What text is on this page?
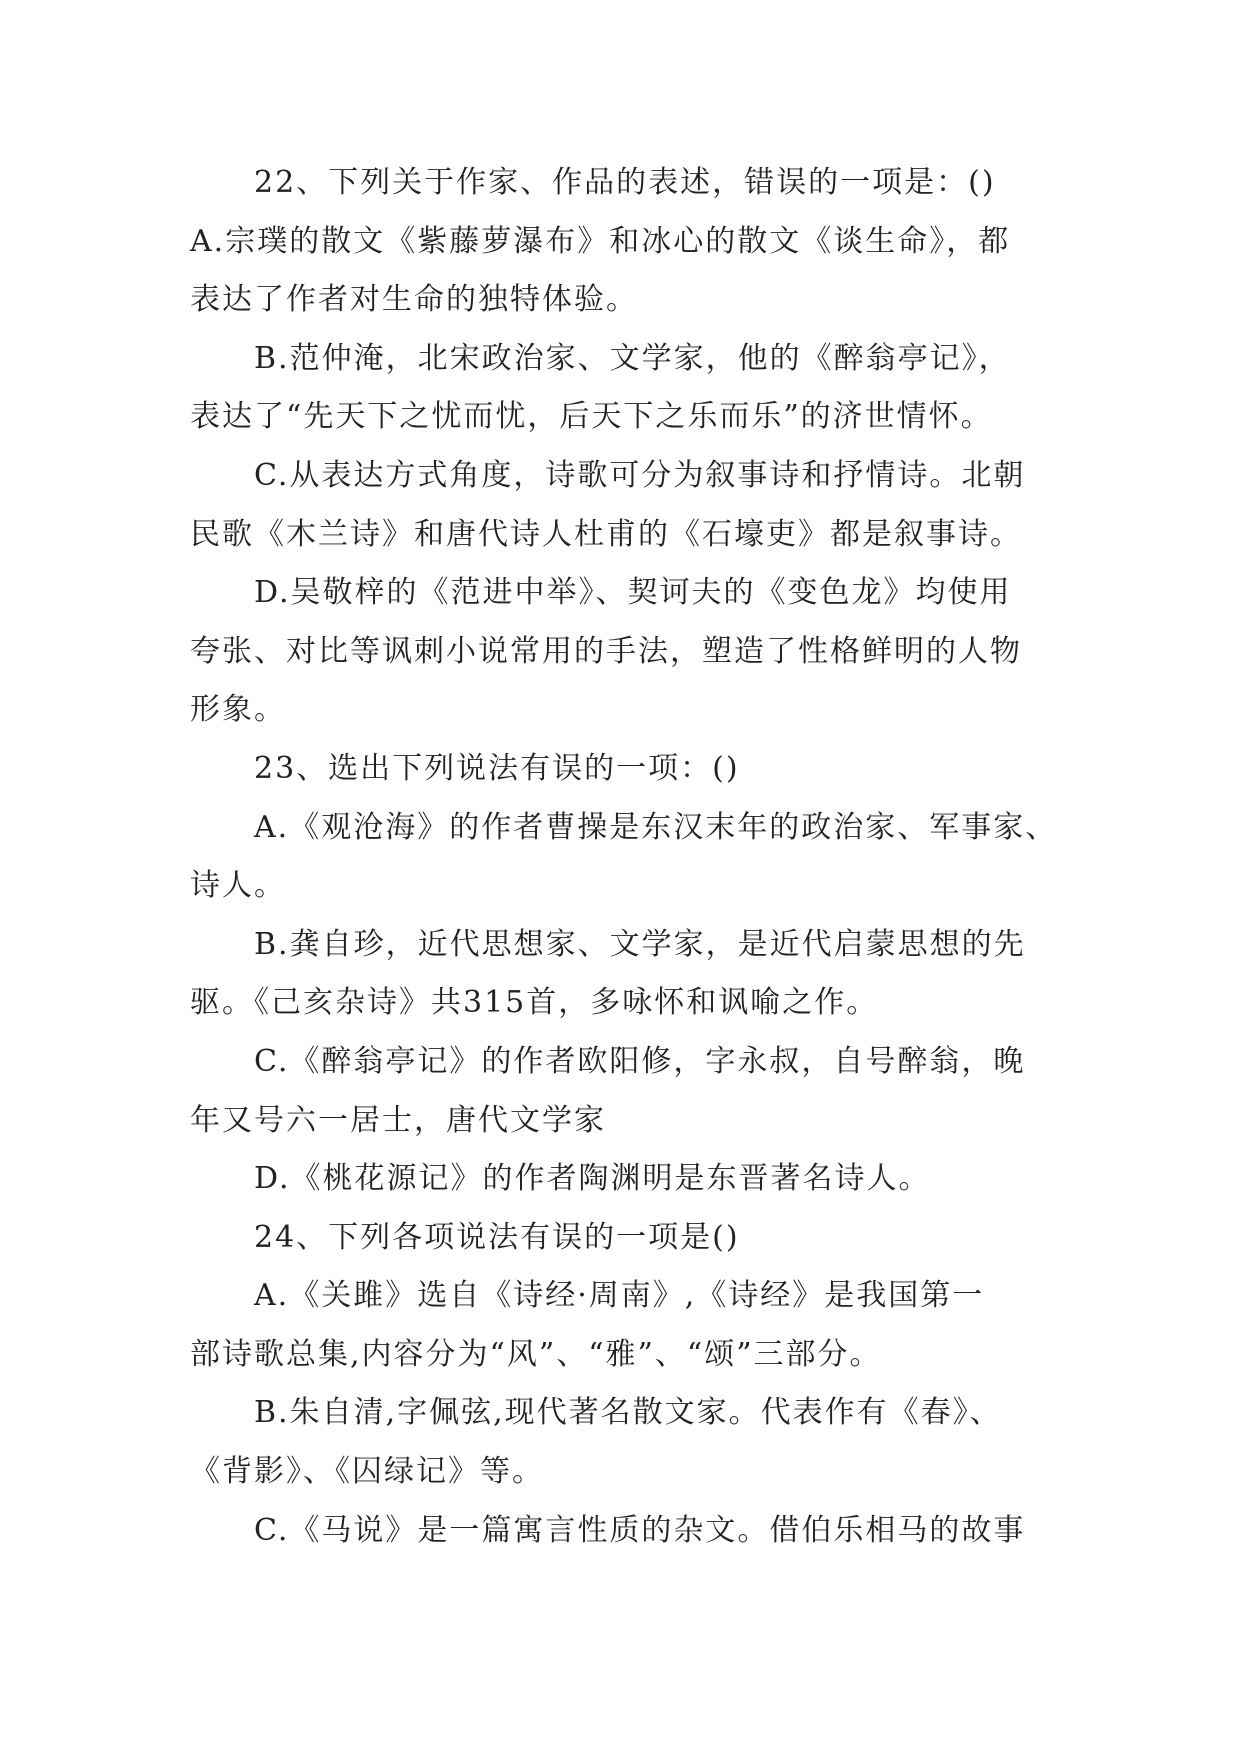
22、下列关于作家、作品的表述，错误的一项是：()
A.宗璞的散文《紫藤萝瀑布》和冰心的散文《谈生命》，都
表达了作者对生命的独特体验。
B.范仲淹，北宋政治家、文学家，他的《醉翁亭记》，
表达了“先天下之忧而忧，后天下之乐而乐”的济世情怀。
C.从表达方式角度，诗歌可分为叙事诗和抒情诗。北朝
民歌《木兰诗》和唐代诗人杜甫的《石壕吏》都是叙事诗。
D.吴敬梓的《范进中举》、契诃夫的《变色龙》均使用
夸张、对比等讽刺小说常用的手法，塑造了性格鲜明的人物
形象。
23、选出下列说法有误的一项：()
A.《观沧海》的作者曹操是东汉末年的政治家、军事家、
诗人。
B.龚自珍，近代思想家、文学家，是近代启蒙思想的先
驱。《己亥杂诗》共315首，多咏怀和讽喻之作。
C.《醉翁亭记》的作者欧阳修，字永叔，自号醉翁，晚
年又号六一居士，唐代文学家
D.《桃花源记》的作者陶渊明是东晋著名诗人。
24、下列各项说法有误的一项是()
A.《关雎》选自《诗经·周南》,《诗经》是我国第一
部诗歌总集,内容分为“风”、“雅”、“颂”三部分。
B.朱自清,字佩弦,现代著名散文家。代表作有《春》、
《背影》、《囚绿记》等。
C.《马说》是一篇寓言性质的杂文。借伯乐相马的故事
